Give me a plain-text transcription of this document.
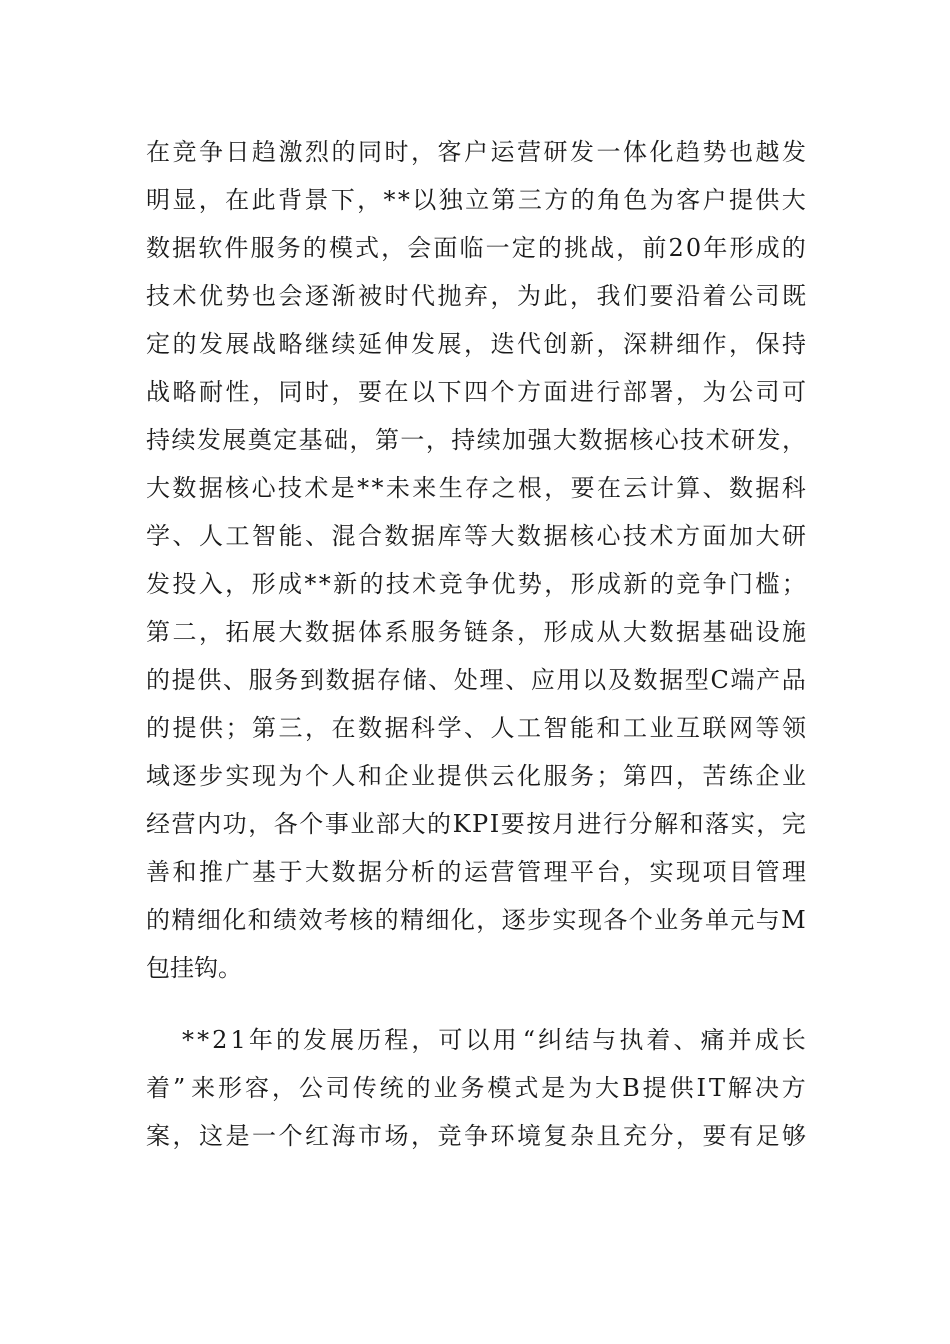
在 竞 争 日 趋 激 烈 的 同 时 ， 客 户 运 营 研 发 一 体 化 趋 势 也 越 发
明 显 ， 在 此 背 景 下 ， * * 以 独 立 第 三 方 的 角 色 为 客 户 提 供 大
数 据 软 件 服 务 的 模 式 ， 会 面 临 一 定 的 挑 战 ， 前 2 0 年 形 成 的
技 术 优 势 也 会 逐 渐 被 时 代 抛 弃 ， 为 此 ， 我 们 要 沿 着 公 司 既
定 的 发 展 战 略 继 续 延 伸 发 展 ， 迭 代 创 新 ， 深 耕 细 作 ， 保 持
战 略 耐 性 ， 同 时 ， 要 在 以 下 四 个 方 面 进 行 部 署 ， 为 公 司 可
持 续 发 展 奠 定 基 础 ， 第 一 ， 持 续 加 强 大 数 据 核 心 技 术 研 发 ，
大 数 据 核 心 技 术 是 * * 未 来 生 存 之 根 ， 要 在 云 计 算 、 数 据 科
学 、 人 工 智 能 、 混 合 数 据 库 等 大 数 据 核 心 技 术 方 面 加 大 研
发 投 入 ， 形 成 * * 新 的 技 术 竞 争 优 势 ， 形 成 新 的 竞 争 门 槛 ；
第 二 ， 拓 展 大 数 据 体 系 服 务 链 条 ， 形 成 从 大 数 据 基 础 设 施
的 提 供 、 服 务 到 数 据 存 储 、 处 理 、 应 用 以 及 数 据 型 C 端 产 品
的 提 供 ； 第 三 ， 在 数 据 科 学 、 人 工 智 能 和 工 业 互 联 网 等 领
域 逐 步 实 现 为 个 人 和 企 业 提 供 云 化 服 务 ； 第 四 ， 苦 练 企 业
经 营 内 功 ， 各 个 事 业 部 大 的 K P I 要 按 月 进 行 分 解 和 落 实 ， 完
善 和 推 广 基 于 大 数 据 分 析 的 运 营 管 理 平 台 ， 实 现 项 目 管 理
的 精 细 化 和 绩 效 考 核 的 精 细 化 ， 逐 步 实 现 各 个 业 务 单 元 与 M
包挂钩。
* * 2 1 年 的 发 展 历 程 ， 可 以 用 “ 纠 结 与 执 着 、 痛 并 成 长
着 ” 来 形 容 ， 公 司 传 统 的 业 务 模 式 是 为 大 B 提 供 I T 解 决 方
案 ， 这 是 一 个 红 海 市 场 ， 竞 争 环 境 复 杂 且 充 分 ， 要 有 足 够
